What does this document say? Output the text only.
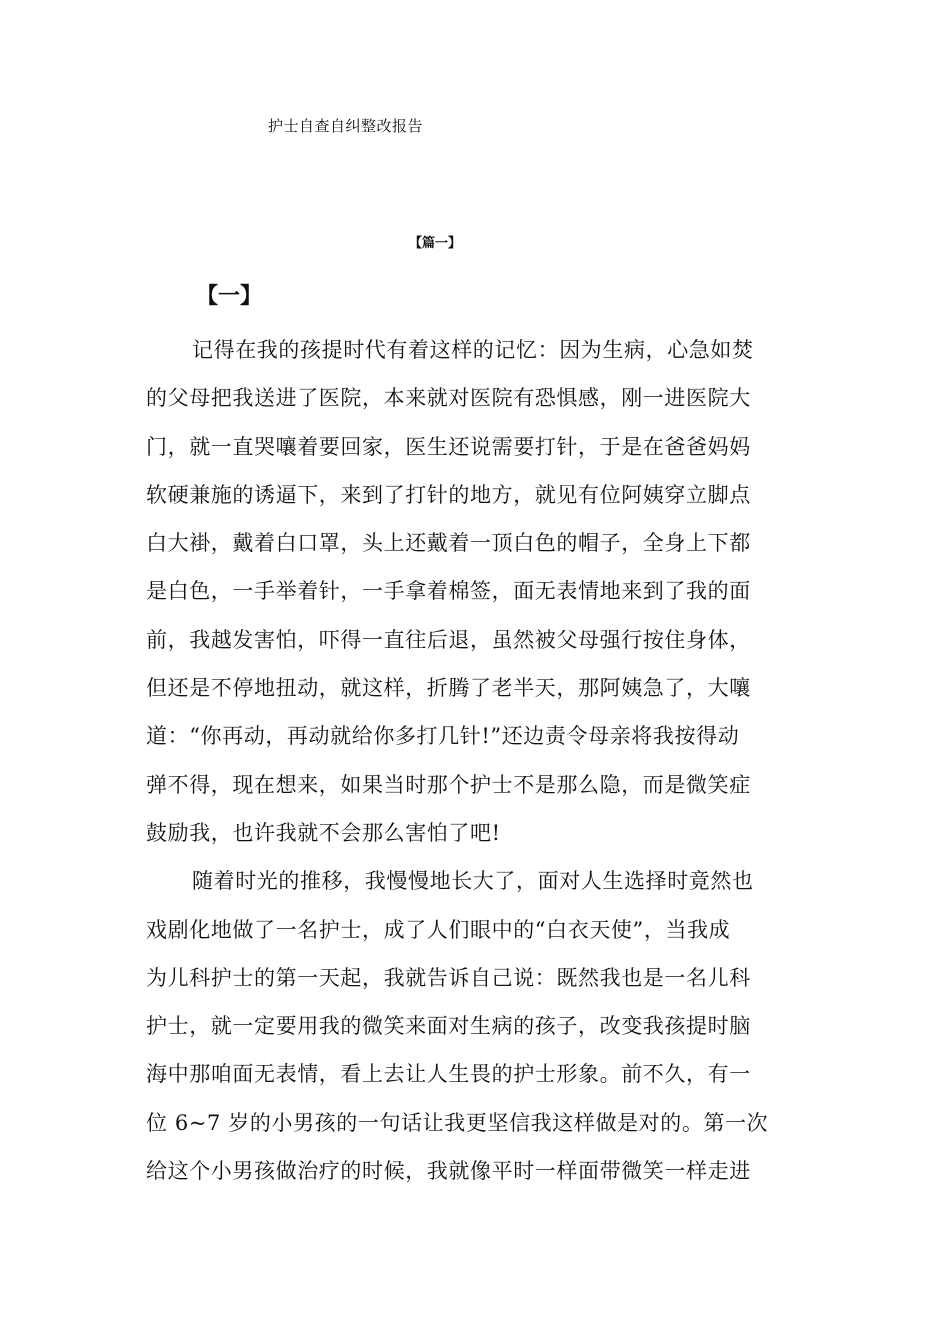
护士自查自纠整改报告
【篇一】
【一】
记得在我的孩提时代有着这样的记忆：因为生病，心急如焚
的父母把我送进了医院，本来就对医院有恐惧感，刚一进医院大
门，就一直哭嚷着要回家，医生还说需要打针，于是在爸爸妈妈
软硬兼施的诱逼下，来到了打针的地方，就见有位阿姨穿立脚点
白大褂，戴着白口罩，头上还戴着一顶白色的帽子，全身上下都
是白色，一手举着针，一手拿着棉签，面无表情地来到了我的面
前，我越发害怕，吓得一直往后退，虽然被父母强行按住身体，
但还是不停地扭动，就这样，折腾了老半天，那阿姨急了，大嚷
道：“你再动，再动就给你多打几针!”还边责令母亲将我按得动
弹不得，现在想来，如果当时那个护士不是那么隐，而是微笑症
鼓励我，也许我就不会那么害怕了吧!
随着时光的推移，我慢慢地长大了，面对人生选择时竟然也
戏剧化地做了一名护士，成了人们眼中的“白衣天使”，当我成
为儿科护士的第一天起，我就告诉自己说：既然我也是一名儿科
护士，就一定要用我的微笑来面对生病的孩子，改变我孩提时脑
海中那咱面无表情，看上去让人生畏的护士形象。前不久，有一
位 6~7 岁的小男孩的一句话让我更坚信我这样做是对的。第一次
给这个小男孩做治疗的时候，我就像平时一样面带微笑一样走进
